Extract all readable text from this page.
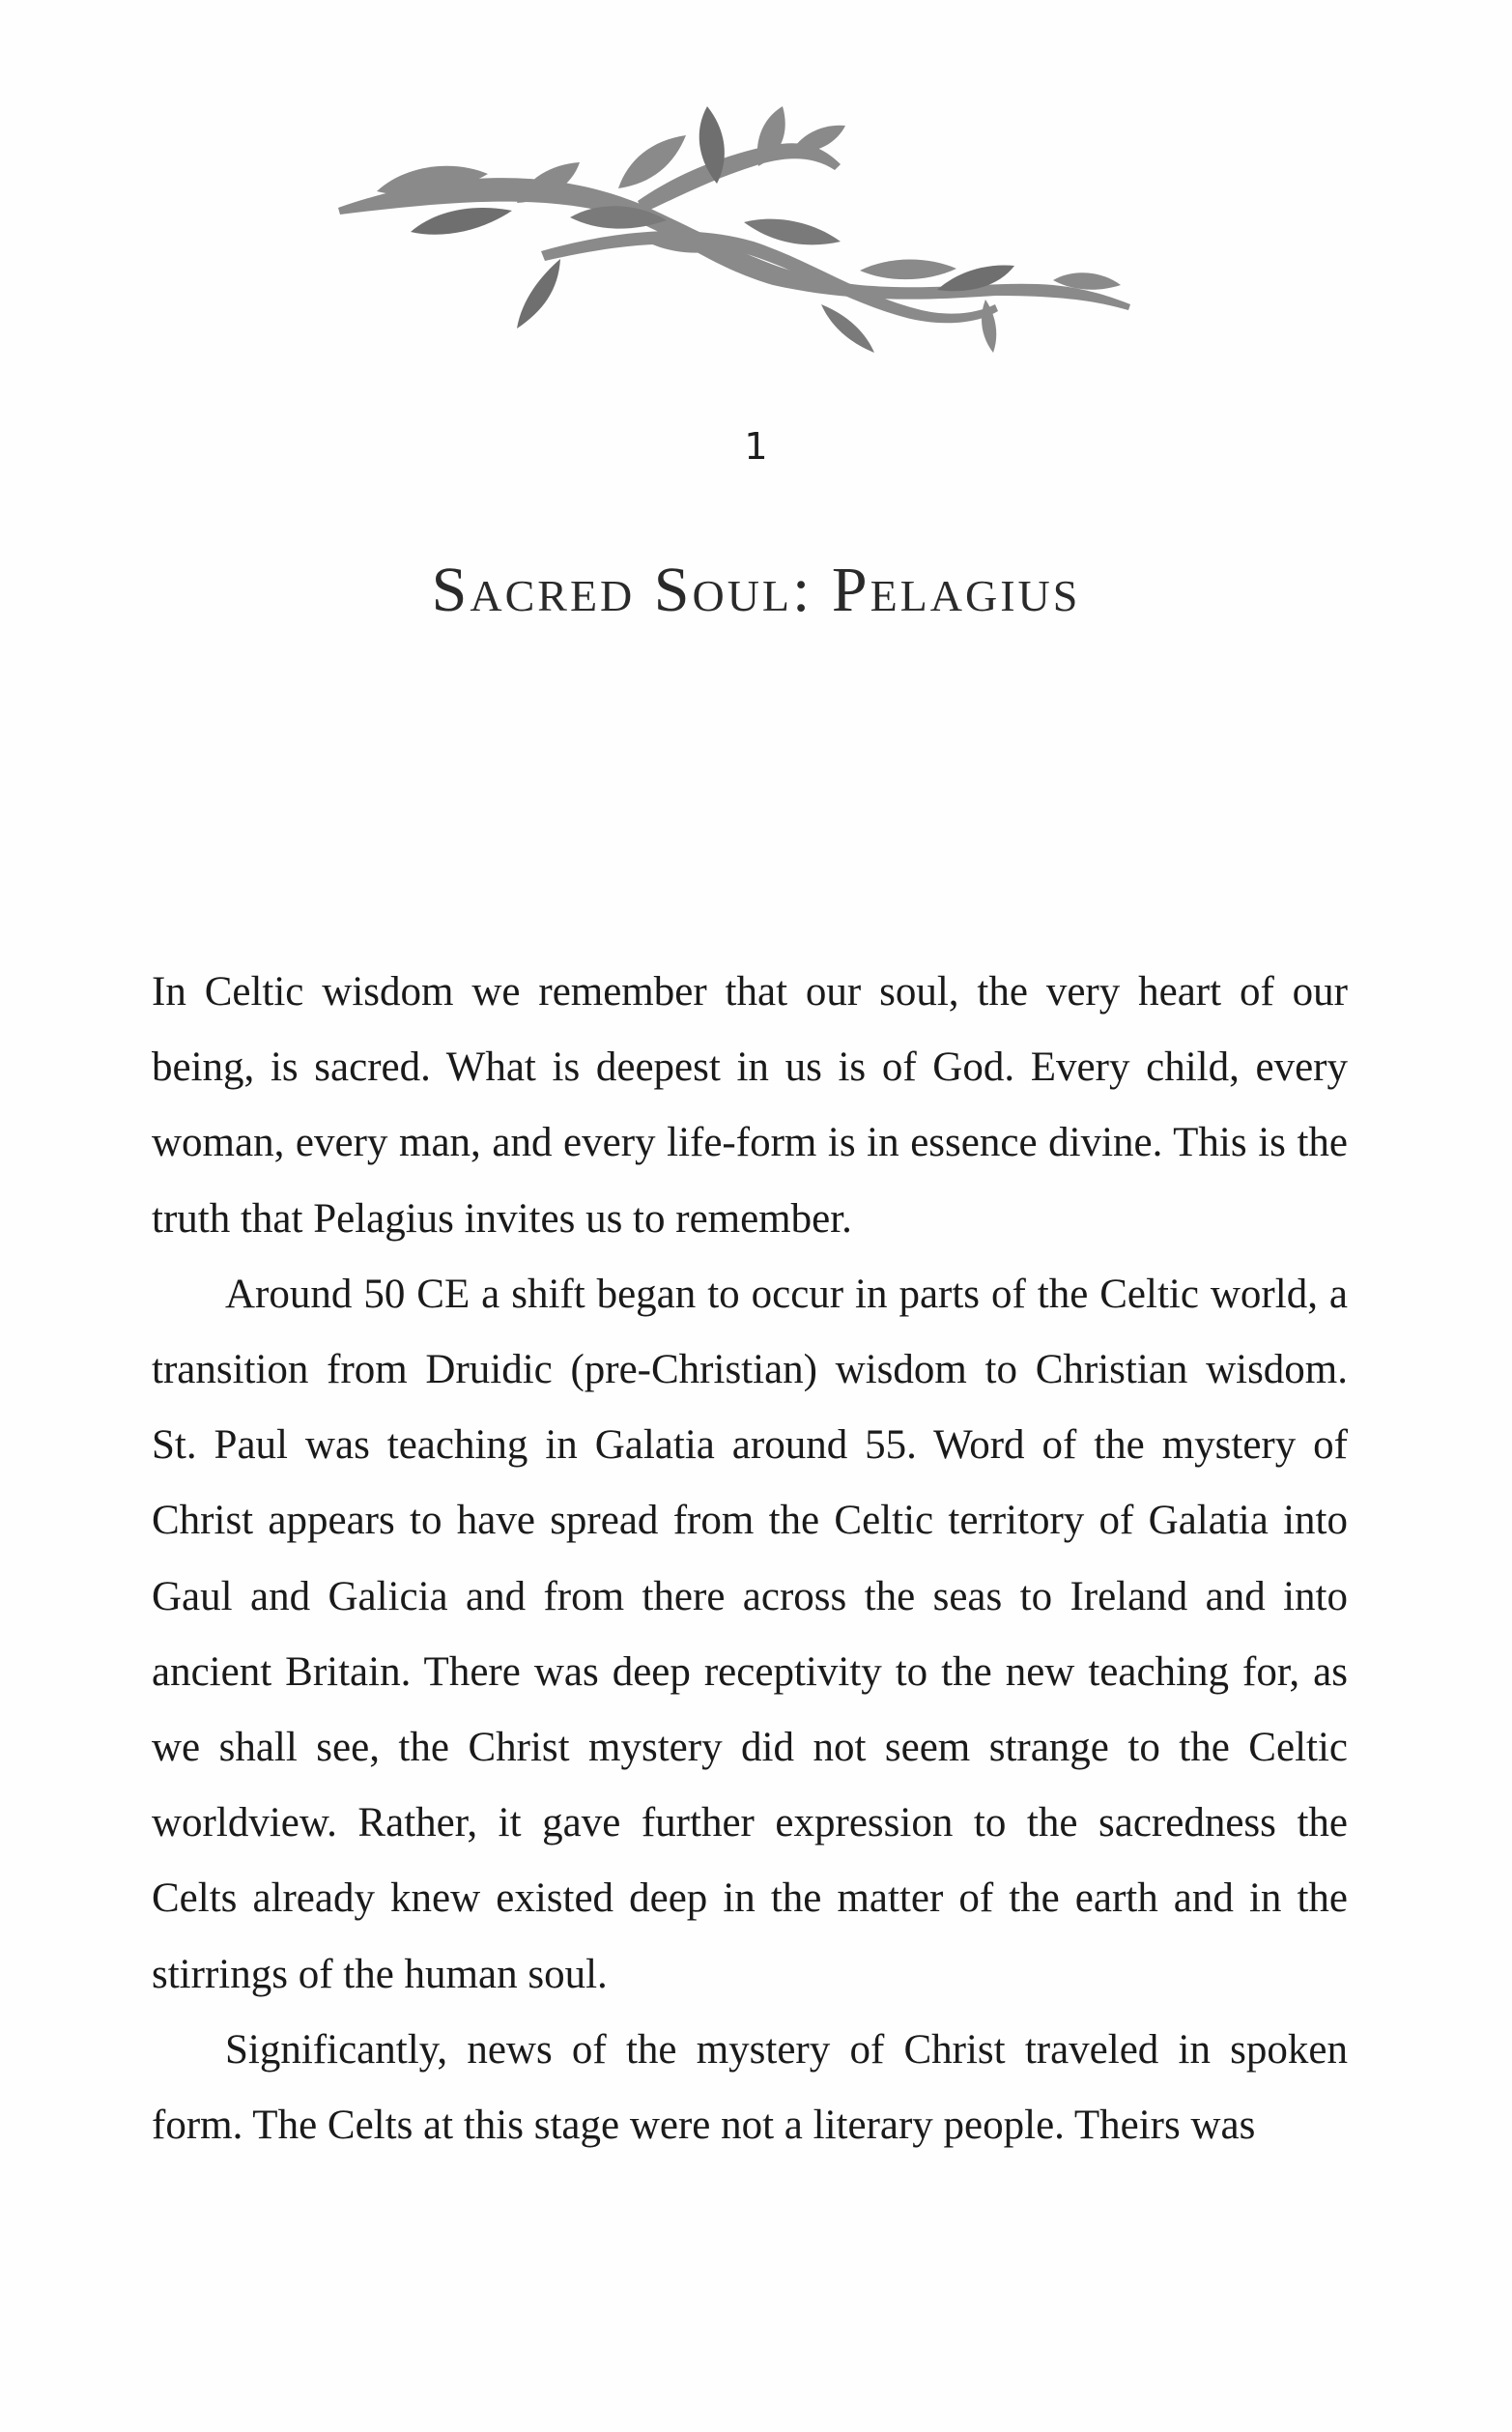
1
Sacred Soul: Pelagius

In Celtic wisdom we remember that our soul, the very heart of our being, is sacred. What is deepest in us is of God. Every child, every woman, every man, and every life-form is in essence divine. This is the truth that Pelagius invites us to remember.

Around 50 CE a shift began to occur in parts of the Celtic world, a transition from Druidic (pre-Christian) wisdom to Christian wisdom. St. Paul was teaching in Galatia around 55. Word of the mystery of Christ appears to have spread from the Celtic territory of Galatia into Gaul and Galicia and from there across the seas to Ireland and into ancient Britain. There was deep receptivity to the new teaching for, as we shall see, the Christ mystery did not seem strange to the Celtic worldview. Rather, it gave further expression to the sacredness the Celts already knew existed deep in the matter of the earth and in the stirrings of the human soul.

Significantly, news of the mystery of Christ traveled in spoken form. The Celts at this stage were not a literary people. Theirs was
